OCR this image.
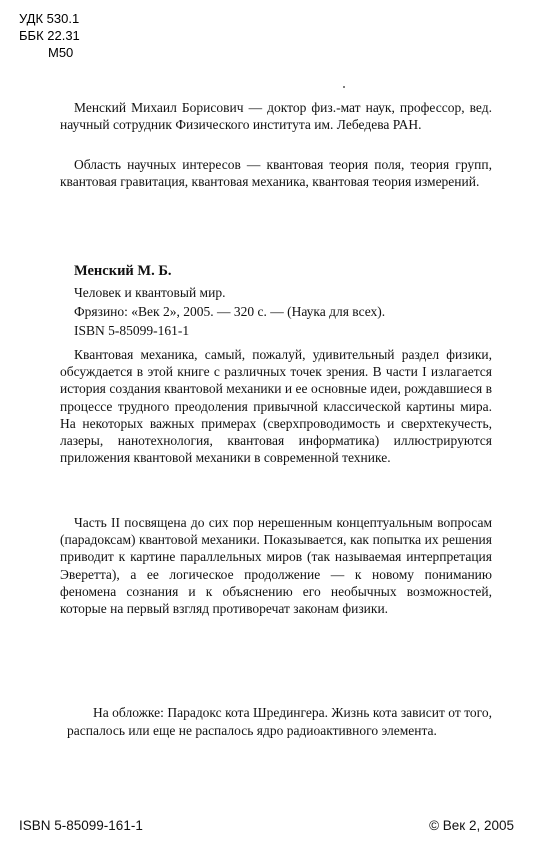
УДК 530.1
ББК 22.31
М50

Менский Михаил Борисович — доктор физ.-мат наук, профессор, вед. научный сотрудник Физического института им. Лебедева РАН.

Область научных интересов — квантовая теория поля, теория групп, квантовая гравитация, квантовая механика, квантовая теория измерений.

Менский М. Б.

Человек и квантовый мир.

Фрязино: «Век 2», 2005. — 320 с. — (Наука для всех).

ISBN 5-85099-161-1

Квантовая механика, самый, пожалуй, удивительный раздел физики, обсуждается в этой книге с различных точек зрения. В части I излагается история создания квантовой механики и ее основные идеи, рождавшиеся в процессе трудного преодоления привычной классической картины мира. На некоторых важных примерах (сверхпроводимость и сверхтекучесть, лазеры, нанотехнология, квантовая информатика) иллюстрируются приложения квантовой механики в современной технике.

Часть II посвящена до сих пор нерешенным концептуальным вопросам (парадоксам) квантовой механики. Показывается, как попытка их решения приводит к картине параллельных миров (так называемая интерпретация Эверетта), а ее логическое продолжение — к новому пониманию феномена сознания и к объяснению его необычных возможностей, которые на первый взгляд противоречат законам физики.

На обложке: Парадокс кота Шредингера. Жизнь кота зависит от того, распалось или еще не распалось ядро радиоактивного элемента.

ISBN 5-85099-161-1	© Век 2, 2005
